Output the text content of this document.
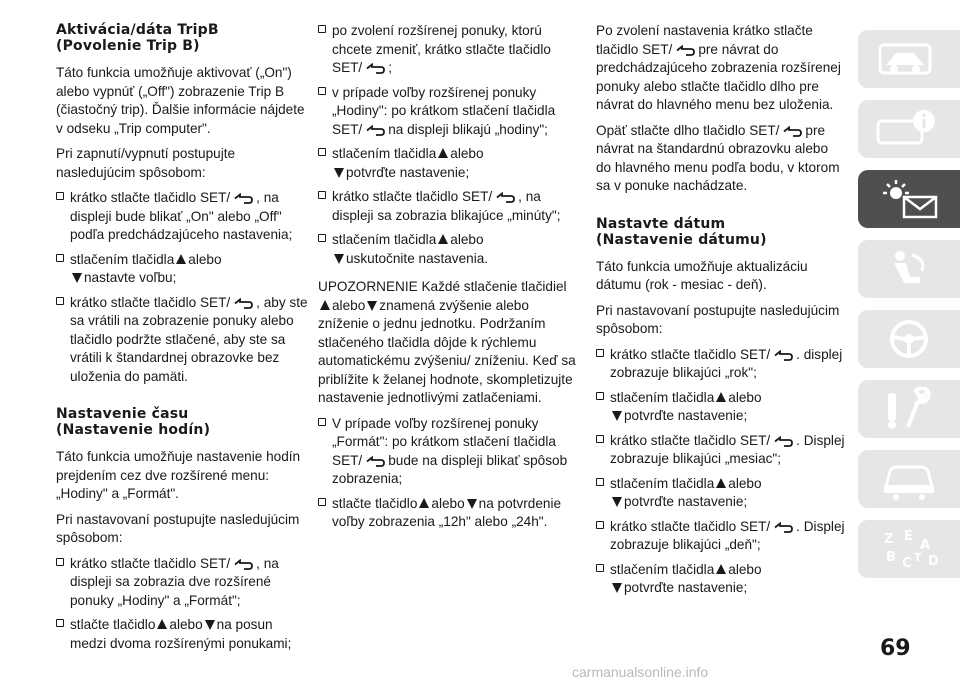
Aktivácia/dáta TripB
(Povolenie Trip B)

Táto funkcia umožňuje aktivovať („On") alebo vypnúť („Off") zobrazenie Trip B (čiastočný trip). Ďalšie informácie nájdete v odseku „Trip computer".

Pri zapnutí/vypnutí postupujte nasledujúcim spôsobom:

krátko stlačte tlačidlo SET/ , na displeji bude blikať „On" alebo „Off" podľa predchádzajúceho nastavenia;
stlačením tlačidla alebo
nastavte voľbu;
krátko stlačte tlačidlo SET/ , aby ste sa vrátili na zobrazenie ponuky alebo tlačidlo podržte stlačené, aby ste sa vrátili k štandardnej obrazovke bez uloženia do pamäti.
Nastavenie času
(Nastavenie hodín)

Táto funkcia umožňuje nastavenie hodín prejdením cez dve rozšírené menu: „Hodiny" a „Formát".

Pri nastavovaní postupujte nasledujúcim spôsobom:

krátko stlačte tlačidlo SET/ , na displeji sa zobrazia dve rozšírené ponuky „Hodiny" a „Formát";
stlačte tlačidlo alebo na posun medzi dvoma rozšírenými ponukami;
po zvolení rozšírenej ponuky, ktorú chcete zmeniť, krátko stlačte tlačidlo SET/ ;
v prípade voľby rozšírenej ponuky „Hodiny": po krátkom stlačení tlačidla SET/ na displeji blikajú „hodiny";
stlačením tlačidla alebo
potvrďte nastavenie;
krátko stlačte tlačidlo SET/ , na displeji sa zobrazia blikajúce „minúty";
stlačením tlačidla alebo
uskutočnite nastavenia.

UPOZORNENIE Každé stlačenie tlačidielalebo znamená zvýšenie alebo zníženie o jednu jednotku. Podržaním stlačeného tlačidla dôjde k rýchlemu automatickému zvýšeniu/ zníženiu. Keď sa priblížite k želanej hodnote, skompletizujte nastavenie jednotlivými zatlačeniami.

V prípade voľby rozšírenej ponuky „Formát": po krátkom stlačení tlačidla SET/ bude na displeji blikať spôsob zobrazenia;
stlačte tlačidlo alebo na potvrdenie voľby zobrazenia „12h" alebo „24h".

Po zvolení nastavenia krátko stlačte tlačidlo SET/ pre návrat do predchádzajúceho zobrazenia rozšírenej ponuky alebo stlačte tlačidlo dlho pre návrat do hlavného menu bez uloženia.

Opäť stlačte dlho tlačidlo SET/ pre návrat na štandardnú obrazovku alebo do hlavného menu podľa bodu, v ktorom sa v ponuke nachádzate.

Nastavte dátum
(Nastavenie dátumu)

Táto funkcia umožňuje aktualizáciu dátumu (rok - mesiac - deň).

Pri nastavovaní postupujte nasledujúcim spôsobom:

krátko stlačte tlačidlo SET/ . displej zobrazuje blikajúci „rok";
stlačením tlačidla alebo
potvrďte nastavenie;
krátko stlačte tlačidlo SET/ . Displej zobrazuje blikajúci „mesiac";
stlačením tlačidla alebo
potvrďte nastavenie;
krátko stlačte tlačidlo SET/ . Displej zobrazuje blikajúci „deň";
stlačením tlačidla alebo
potvrďte nastavenie;
Z E
A
B C T D
69
carmanualsonline.info
